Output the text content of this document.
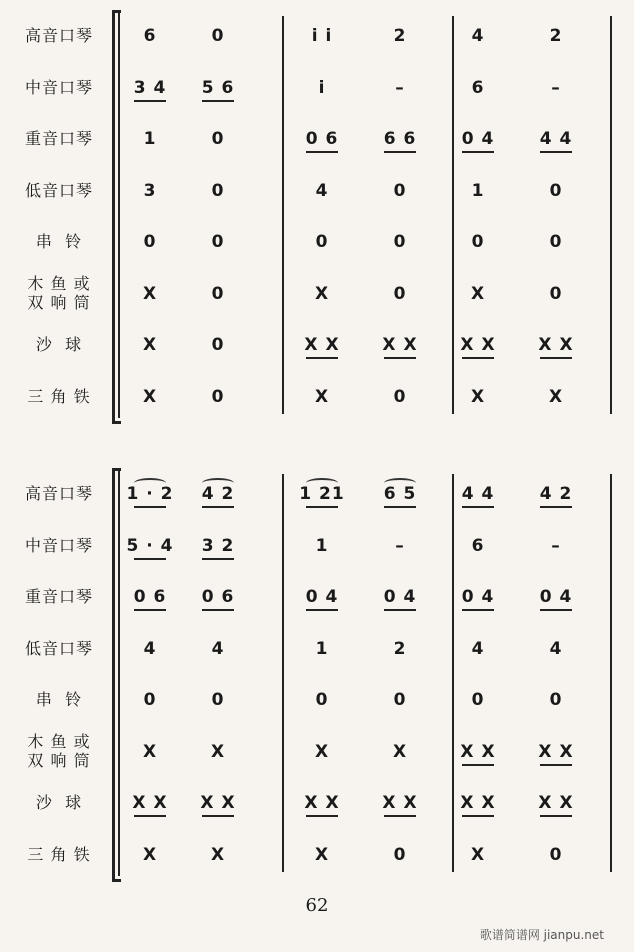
高音口琴	6	0	i i	2	4	2
中音口琴	3 4	5 6	i	–	6	–
重音口琴	1	0	0 6	6 6	0 4	4 4
低音口琴	3	0	4	0	1	0
串  铃	0	0	0	0	0	0
木 鱼 或
双 响 筒	X	0	X	0	X	0
沙  球	X	0	X X	X X	X X	X X
三 角 铁	X	0	X	0	X	X
高音口琴	1 · 2	4 2	1 21	6 5	4 4	4 2
中音口琴	5 · 4	3 2	1	–	6	–
重音口琴	0 6	0 6	0 4	0 4	0 4	0 4
低音口琴	4	4	1	2	4	4
串  铃	0	0	0	0	0	0
木 鱼 或
双 响 筒	X	X	X	X	X X	X X
沙  球	X X	X X	X X	X X	X X	X X
三 角 铁	X	X	X	0	X	0
62
歌谱简谱网 jianpu.net
